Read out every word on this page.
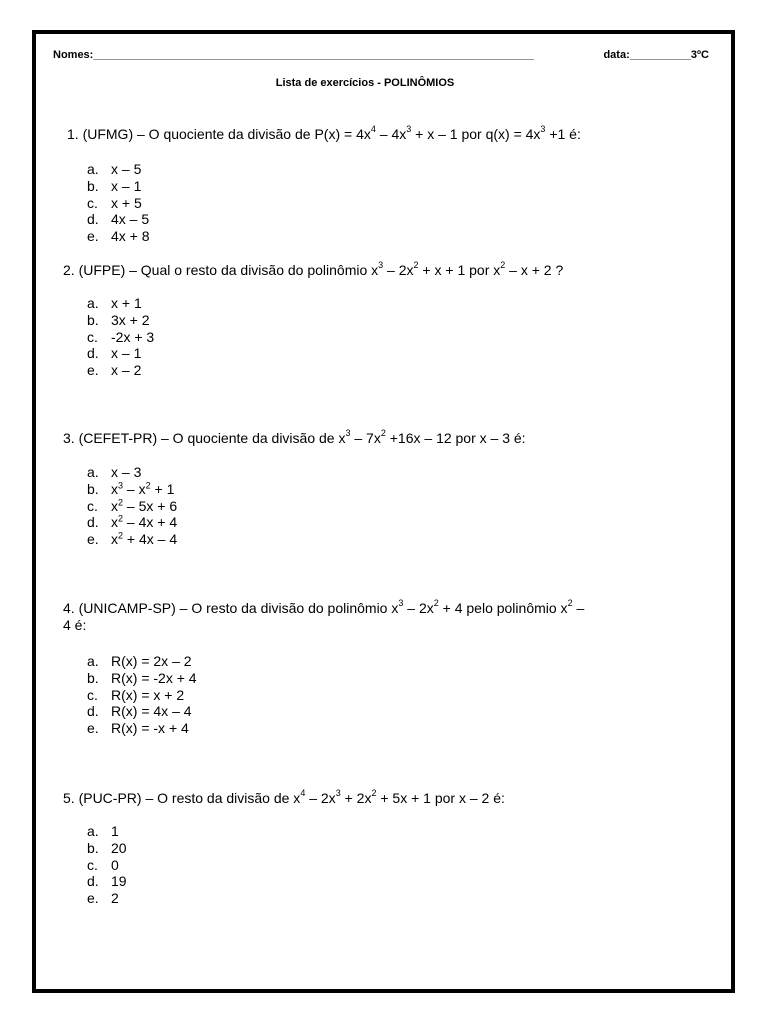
Nomes:________________________________________________________________________	data:__________3ºC
Lista de exercícios - POLINÔMIOS
1. (UFMG) – O quociente da divisão de $P(x) = 4x^4 - 4x^3 + x - 1$ por $q(x) = 4x^3 +1$ é:
a. x – 5
b. x – 1
c. x + 5
d. 4x – 5
e. 4x + 8
2. (UFPE) – Qual o resto da divisão do polinômio $x^3 - 2x^2 + x + 1$ por $x^2 - x + 2$ ?
a. x + 1
b. 3x + 2
c. -2x + 3
d. x – 1
e. x – 2
3. (CEFET-PR) – O quociente da divisão de $x^3 - 7x^2 +16x - 12$ por x – 3 é:
a. x – 3
b. $x^3 - x^2 + 1$
c. $x^2 - 5x + 6$
d. $x^2 - 4x + 4$
e. $x^2 + 4x - 4$
4. (UNICAMP-SP) – O resto da divisão do polinômio $x^3 - 2x^2 + 4$ pelo polinômio $x^2$ –
4 é:
a. R(x) = 2x – 2
b. R(x) = -2x + 4
c. R(x) = x + 2
d. R(x) = 4x – 4
e. R(x) = -x + 4
5. (PUC-PR) – O resto da divisão de $x^4 - 2x^3 + 2x^2 + 5x + 1$ por x – 2 é:
a. 1
b. 20
c. 0
d. 19
e. 2
